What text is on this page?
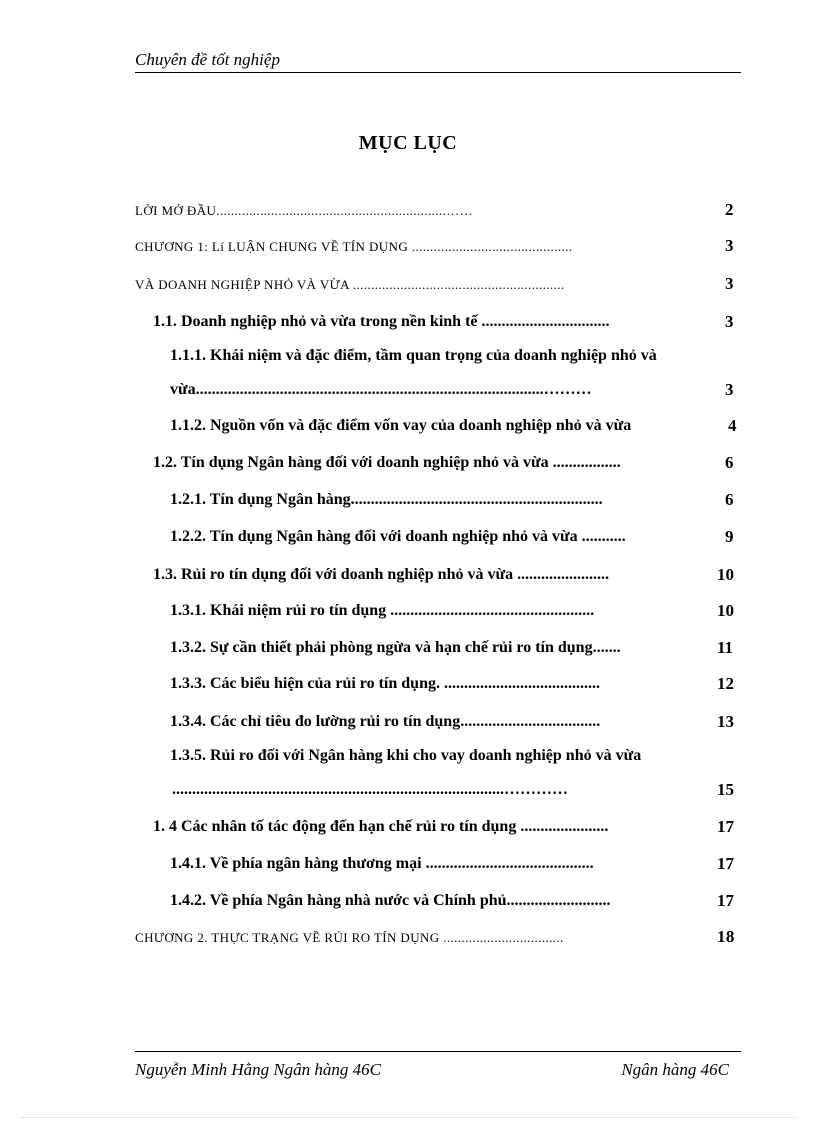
Chuyên đề tốt nghiệp
MỤC LỤC
LỜI MỞ ĐẦU...............................................................……	2
CHƯƠNG 1: Lí LUẬN CHUNG VỀ TÍN DỤNG ............................................	3
VÀ DOANH NGHIỆP NHỎ VÀ VỪA ..........................................................	3
1.1. Doanh nghiệp nhỏ và vừa trong nền kinh tế ................................	3
1.1.1. Khái niệm và đặc điểm, tầm quan trọng của doanh nghiệp nhỏ và
vừa.......................................................................................………	3
1.1.2. Nguồn vốn và đặc điểm vốn vay của doanh nghiệp nhỏ và vừa	4
1.2. Tín dụng Ngân hàng đối với doanh nghiệp nhỏ và vừa .................	6
1.2.1. Tín dụng Ngân hàng...............................................................	6
1.2.2. Tín dụng Ngân hàng đối với doanh nghiệp nhỏ và vừa ...........	9
1.3. Rủi ro tín dụng đối với doanh nghiệp nhỏ và vừa .......................	10
1.3.1. Khái niệm rủi ro tín dụng ...................................................	10
1.3.2. Sự cần thiết phải phòng ngừa và hạn chế rủi ro tín dụng.......	11
1.3.3. Các biểu hiện của rủi ro tín dụng. .......................................	12
1.3.4. Các chỉ tiêu đo lường rủi ro tín dụng...................................	13
1.3.5. Rủi ro đối với Ngân hàng khi cho vay doanh nghiệp nhỏ và vừa
...................................................................................…………	15
1. 4 Các nhân tố tác động đến hạn chế rủi ro tín dụng ......................	17
1.4.1. Về phía ngân hàng thương mại ..........................................	17
1.4.2. Về phía Ngân hàng nhà nước và Chính phủ..........................	17
CHƯƠNG 2. THỰC TRẠNG VỀ RỦI RO TÍN DỤNG .................................	18
Nguyễn Minh Hằng Ngân hàng 46C	Ngân hàng 46C
